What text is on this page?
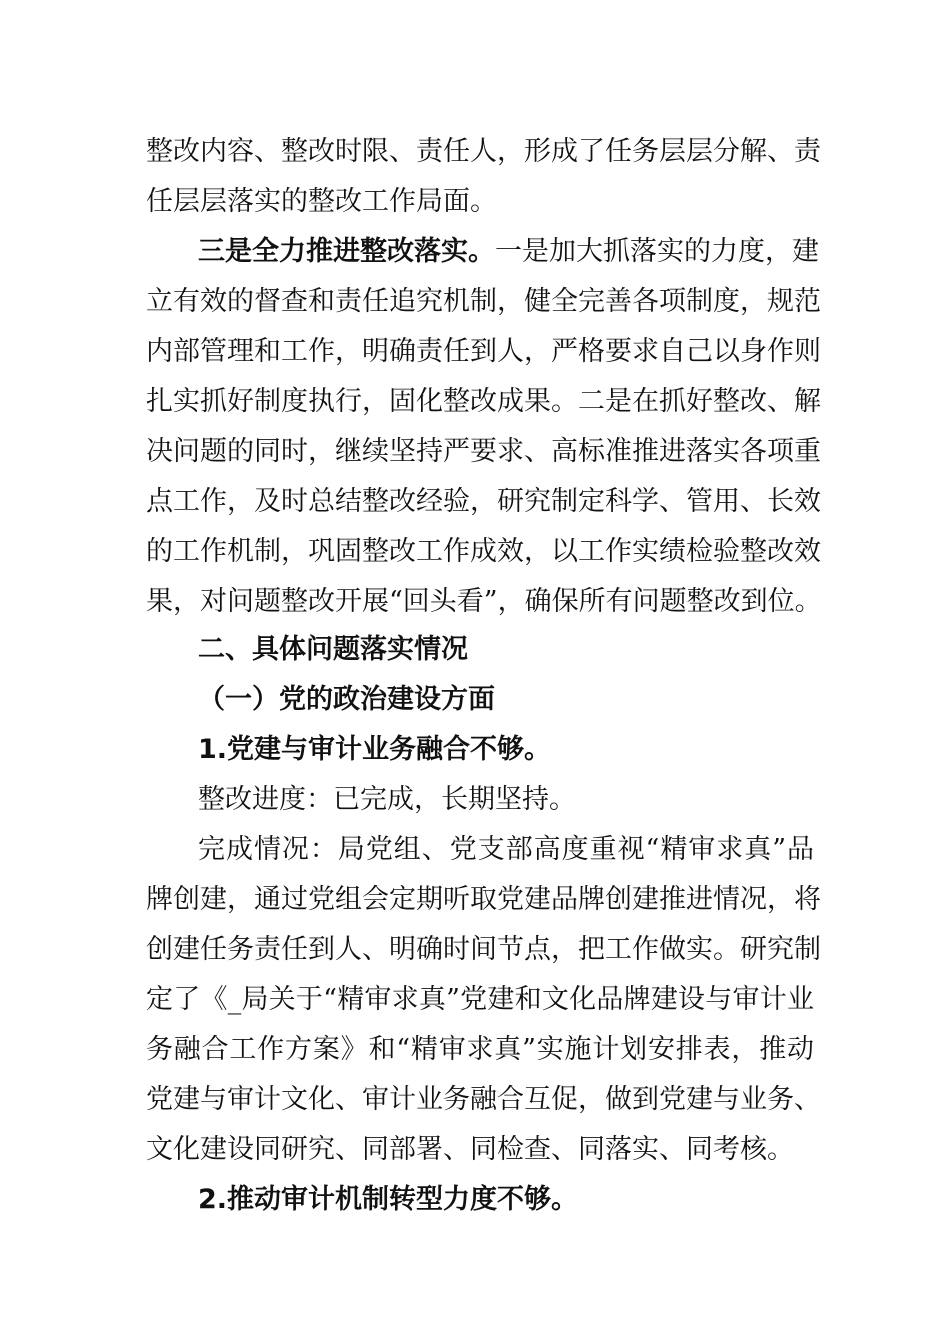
整改内容、整改时限、责任人，形成了任务层层分解、责
任层层落实的整改工作局面。
三是全力推进整改落实。一是加大抓落实的力度，建
立有效的督查和责任追究机制，健全完善各项制度，规范
内部管理和工作，明确责任到人，严格要求自己以身作则
扎实抓好制度执行，固化整改成果。二是在抓好整改、解
决问题的同时，继续坚持严要求、高标准推进落实各项重
点工作，及时总结整改经验，研究制定科学、管用、长效
的工作机制，巩固整改工作成效，以工作实绩检验整改效
果，对问题整改开展“回头看”，确保所有问题整改到位。
二、具体问题落实情况
（一）党的政治建设方面
1.党建与审计业务融合不够。
整改进度：已完成，长期坚持。
完成情况：局党组、党支部高度重视“精审求真”品
牌创建，通过党组会定期听取党建品牌创建推进情况，将
创建任务责任到人、明确时间节点，把工作做实。研究制
定了《_局关于“精审求真”党建和文化品牌建设与审计业
务融合工作方案》和“精审求真”实施计划安排表，推动
党建与审计文化、审计业务融合互促，做到党建与业务、
文化建设同研究、同部署、同检查、同落实、同考核。
2.推动审计机制转型力度不够。
